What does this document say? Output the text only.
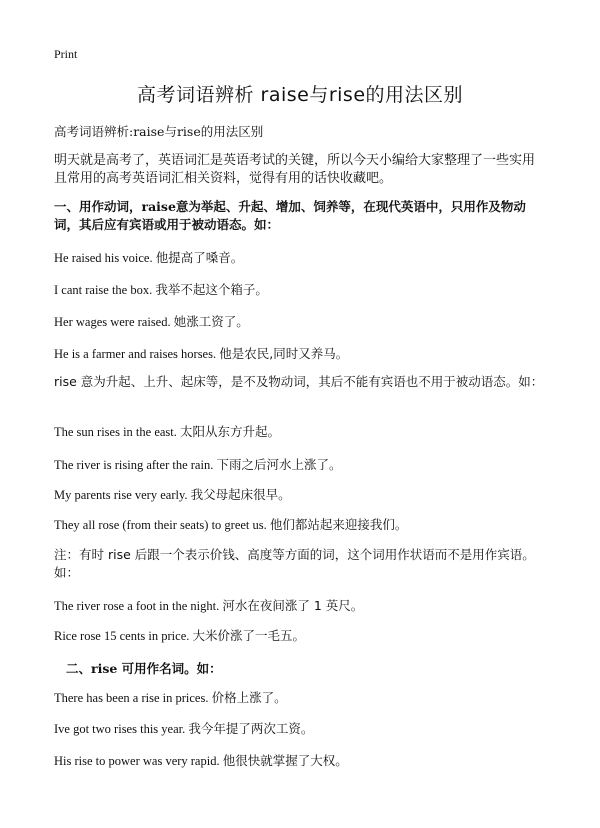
Print
高考词语辨析 raise与rise的用法区别
高考词语辨析:raise与rise的用法区别
明天就是高考了，英语词汇是英语考试的关键，所以今天小编给大家整理了一些实用且常用的高考英语词汇相关资料，觉得有用的话快收藏吧。
一、用作动词，raise意为举起、升起、增加、饲养等，在现代英语中，只用作及物动词，其后应有宾语或用于被动语态。如：
He raised his voice. 他提高了嗓音。
I cant raise the box. 我举不起这个箱子。
Her wages were raised. 她涨工资了。
He is a farmer and raises horses. 他是农民,同时又养马。
rise 意为升起、上升、起床等，是不及物动词，其后不能有宾语也不用于被动语态。如：
The sun rises in the east. 太阳从东方升起。
The river is rising after the rain. 下雨之后河水上涨了。
My parents rise very early. 我父母起床很早。
They all rose (from their seats) to greet us. 他们都站起来迎接我们。
注：有时 rise 后跟一个表示价钱、高度等方面的词，这个词用作状语而不是用作宾语。如：
The river rose a foot in the night. 河水在夜间涨了 1 英尺。
Rice rose 15 cents in price. 大米价涨了一毛五。
二、rise 可用作名词。如：
There has been a rise in prices. 价格上涨了。
Ive got two rises this year. 我今年提了两次工资。
His rise to power was very rapid. 他很快就掌握了大权。
